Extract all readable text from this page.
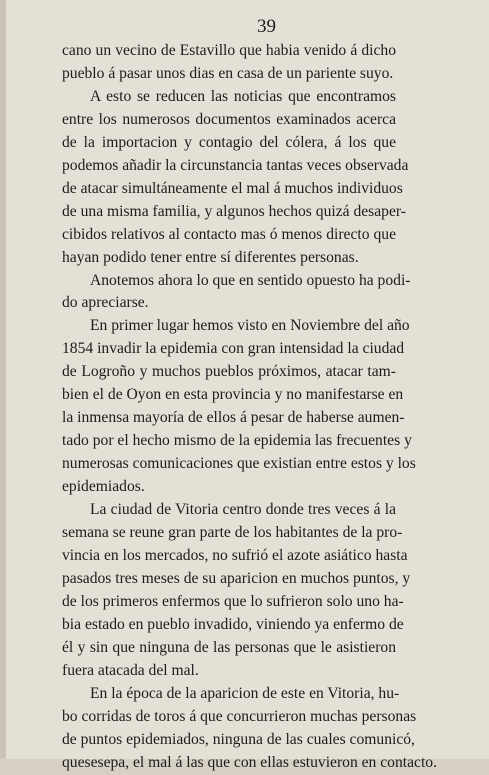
39
cano un vecino de Estavillo que habia venido á dicho
pueblo á pasar unos dias en casa de un pariente suyo.
A esto se reducen las noticias que encontramos
entre los numerosos documentos examinados acerca
de la importacion y contagio del cólera, á los que
podemos añadir la circunstancia tantas veces observada
de atacar simultáneamente el mal á muchos individuos
de una misma familia, y algunos hechos quizá desaper-
cibidos relativos al contacto mas ó menos directo que
hayan podido tener entre sí diferentes personas.
Anotemos ahora lo que en sentido opuesto ha podi-
do apreciarse.
En primer lugar hemos visto en Noviembre del año
1854 invadir la epidemia con gran intensidad la ciudad
de Logroño y muchos pueblos próximos, atacar tam-
bien el de Oyon en esta provincia y no manifestarse en
la inmensa mayoría de ellos á pesar de haberse aumen-
tado por el hecho mismo de la epidemia las frecuentes y
numerosas comunicaciones que existian entre estos y los
epidemiados.
La ciudad de Vitoria centro donde tres veces á la
semana se reune gran parte de los habitantes de la pro-
vincia en los mercados, no sufrió el azote asiático hasta
pasados tres meses de su aparicion en muchos puntos, y
de los primeros enfermos que lo sufrieron solo uno ha-
bia estado en pueblo invadido, viniendo ya enfermo de
él y sin que ninguna de las personas que le asistieron
fuera atacada del mal.
En la época de la aparicion de este en Vitoria, hu-
bo corridas de toros á que concurrieron muchas personas
de puntos epidemiados, ninguna de las cuales comunicó,
quesesepa, el mal á las que con ellas estuvieron en contacto.
